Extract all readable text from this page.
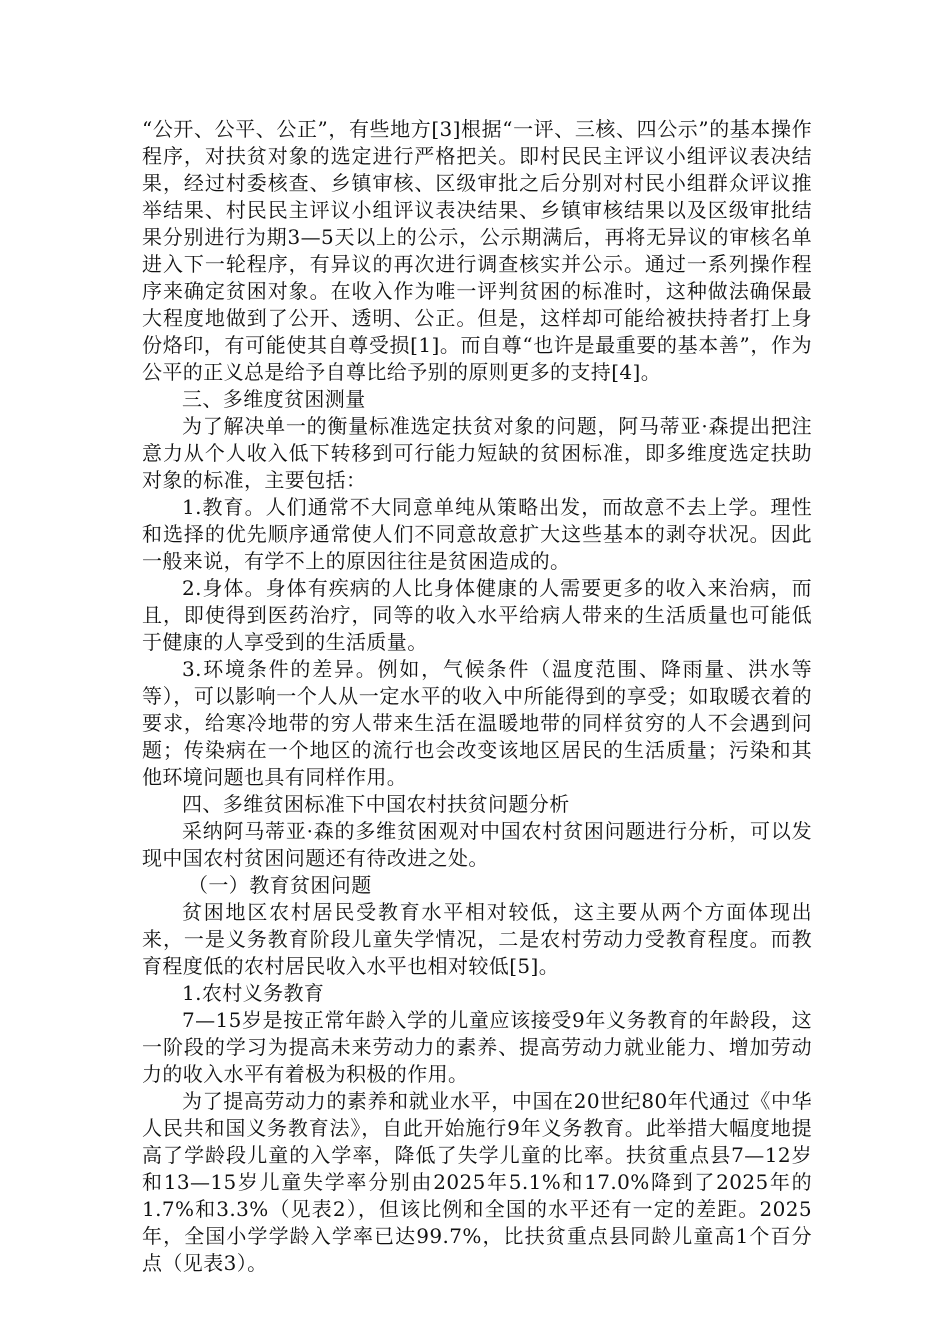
“公开、公平、公正”，有些地方[3]根据“一评、三核、四公示”的基本操作程序，对扶贫对象的选定进行严格把关。即村民民主评议小组评议表决结果，经过村委核查、乡镇审核、区级审批之后分别对村民小组群众评议推举结果、村民民主评议小组评议表决结果、乡镇审核结果以及区级审批结果分别进行为期3—5天以上的公示，公示期满后，再将无异议的审核名单进入下一轮程序，有异议的再次进行调查核实并公示。通过一系列操作程序来确定贫困对象。在收入作为唯一评判贫困的标准时，这种做法确保最大程度地做到了公开、透明、公正。但是，这样却可能给被扶持者打上身份烙印，有可能使其自尊受损[1]。而自尊“也许是最重要的基本善”，作为公平的正义总是给予自尊比给予别的原则更多的支持[4]。

三、多维度贫困测量

为了解决单一的衡量标准选定扶贫对象的问题，阿马蒂亚·森提出把注意力从个人收入低下转移到可行能力短缺的贫困标准，即多维度选定扶助对象的标准，主要包括：

1.教育。人们通常不大同意单纯从策略出发，而故意不去上学。理性和选择的优先顺序通常使人们不同意故意扩大这些基本的剥夺状况。因此一般来说，有学不上的原因往往是贫困造成的。

2.身体。身体有疾病的人比身体健康的人需要更多的收入来治病，而且，即使得到医药治疗，同等的收入水平给病人带来的生活质量也可能低于健康的人享受到的生活质量。

3.环境条件的差异。例如，气候条件（温度范围、降雨量、洪水等等），可以影响一个人从一定水平的收入中所能得到的享受；如取暖衣着的要求，给寒冷地带的穷人带来生活在温暖地带的同样贫穷的人不会遇到问题；传染病在一个地区的流行也会改变该地区居民的生活质量；污染和其他环境问题也具有同样作用。

四、多维贫困标准下中国农村扶贫问题分析

采纳阿马蒂亚·森的多维贫困观对中国农村贫困问题进行分析，可以发现中国农村贫困问题还有待改进之处。

（一）教育贫困问题

贫困地区农村居民受教育水平相对较低，这主要从两个方面体现出来，一是义务教育阶段儿童失学情况，二是农村劳动力受教育程度。而教育程度低的农村居民收入水平也相对较低[5]。

1.农村义务教育

7—15岁是按正常年龄入学的儿童应该接受9年义务教育的年龄段，这一阶段的学习为提高未来劳动力的素养、提高劳动力就业能力、增加劳动力的收入水平有着极为积极的作用。

为了提高劳动力的素养和就业水平，中国在20世纪80年代通过《中华人民共和国义务教育法》，自此开始施行9年义务教育。此举措大幅度地提高了学龄段儿童的入学率，降低了失学儿童的比率。扶贫重点县7—12岁和13—15岁儿童失学率分别由2025年5.1%和17.0%降到了2025年的1.7%和3.3%（见表2），但该比例和全国的水平还有一定的差距。2025年，全国小学学龄入学率已达99.7%，比扶贫重点县同龄儿童高1个百分点（见表3）。
